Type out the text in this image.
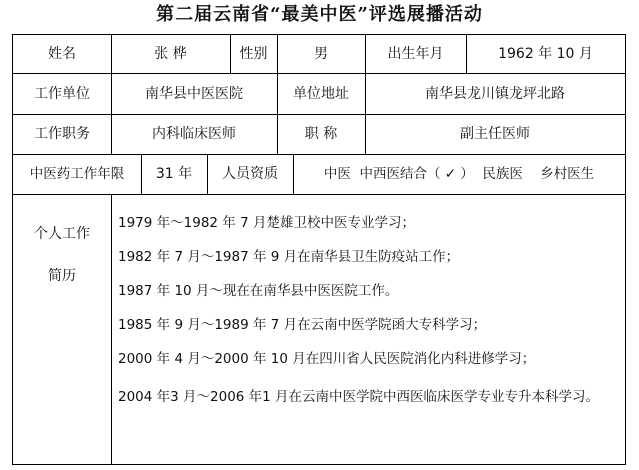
第二届云南省“最美中医”评选展播活动
姓名	张 桦	性别	男	出生年月	1962 年 10 月
工作单位	南华县中医医院	单位地址	南华县龙川镇龙坪北路
工作职务	内科临床医师	职 称	副主任医师
中医药工作年限	31 年	人员资质	中医  中西医结合（ ✓ ）  民族医    乡村医生
个人工作
简历

1979 年～1982 年 7 月楚雄卫校中医专业学习；

1982 年 7 月～1987 年 9 月在南华县卫生防疫站工作；

1987 年 10 月～现在在南华县中医医院工作。

1985 年 9 月～1989 年 7 月在云南中医学院函大专科学习；

2000 年 4 月～2000 年 10 月在四川省人民医院消化内科进修学习；

2004 年3 月～2006 年1 月在云南中医学院中西医临床医学专业专升本科学习。
